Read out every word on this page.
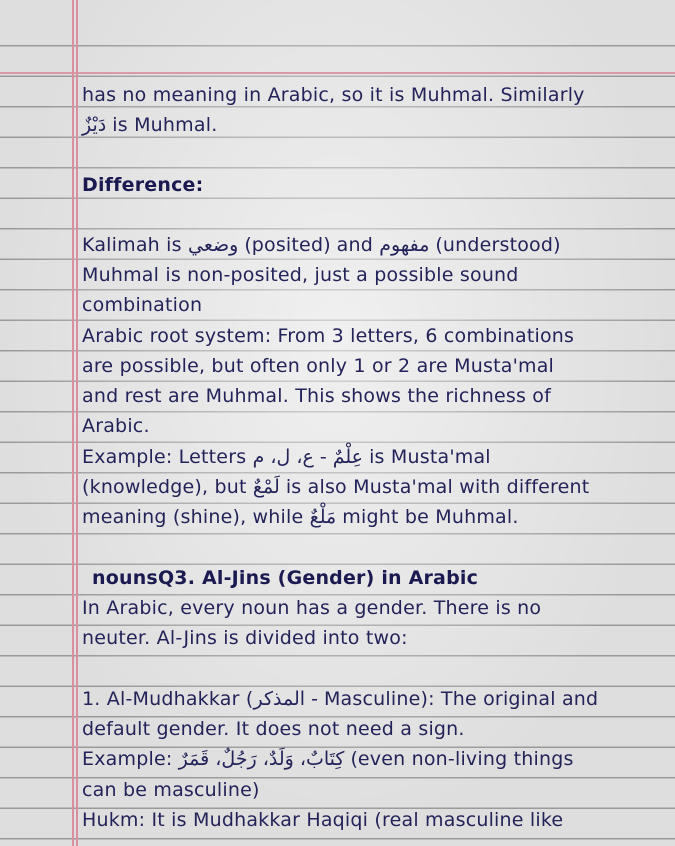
has no meaning in Arabic, so it is Muhmal. Similarly
دَيْزٌ is Muhmal.
Difference:
Kalimah is وضعي (posited) and مفهوم (understood)
Muhmal is non-posited, just a possible sound
combination
Arabic root system: From 3 letters, 6 combinations
are possible, but often only 1 or 2 are Musta'mal
and rest are Muhmal. This shows the richness of
Arabic.
Example: Letters عِلْمٌ - ع، ل، م is Musta'mal
(knowledge), but لَمْعٌ is also Musta'mal with different
meaning (shine), while مَلْعٌ might be Muhmal.
nounsQ3. Al-Jins (Gender) in Arabic
In Arabic, every noun has a gender. There is no
neuter. Al-Jins is divided into two:
1. Al-Mudhakkar (المذكر - Masculine): The original and
default gender. It does not need a sign.
Example: كِتَابٌ، وَلَدٌ، رَجُلٌ، قَمَرٌ (even non-living things
can be masculine)
Hukm: It is Mudhakkar Haqiqi (real masculine like
